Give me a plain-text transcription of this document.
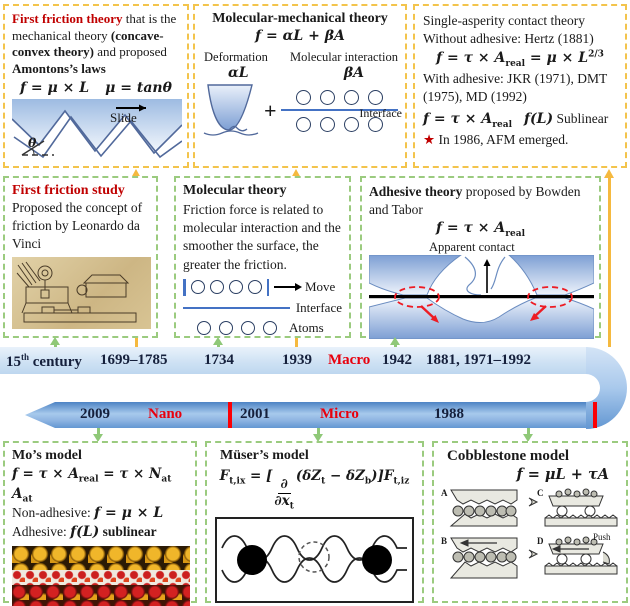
First friction theory that is the mechanical theory (concave-convex theory) and proposed Amontons’s laws
f = μ × L μ = tanθ
Slide
θ
Molecular-mechanical theory
f = αL + βA
Deformation Molecular interaction
αL	βA
+	Interface
Single-asperity contact theory
Without adhesive: Hertz (1881)
$f = \tau \times A_{real} = \mu \times L^{2/3}$
With adhesive: JKR (1971), DMT (1975), MD (1992)
$f = \tau \times A_{real}$ f(L) Sublinear
★ In 1986, AFM emerged.
First friction study
Proposed the concept of friction by Leonardo da Vinci
Molecular theory
Friction force is related to molecular interaction and the smoother the surface, the greater the friction.
Move
Interface
Atoms
Adhesive theory proposed by Bowden and Tabor
$f = \tau \times A_{real}$
Apparent contact
15th century 1699–1785 1734	1939 Macro 1942 1881, 1971–1992
2009	Nano	2001	Micro	1988
Mo’s model
$f = \tau \times A_{real} = \tau \times N_{at}$ $A_{at}$
Non-adhesive: f = μ × L
Adhesive: f(L) sublinear
Müser’s model
$F_{t,ix}$ = [
$\frac{\partial}{\partial x_t}$
$(\delta Z_t - \delta Z_b)]F_{t,iz}$
Cobblestone model
f = μL + τA
A	C
B	D	Push
